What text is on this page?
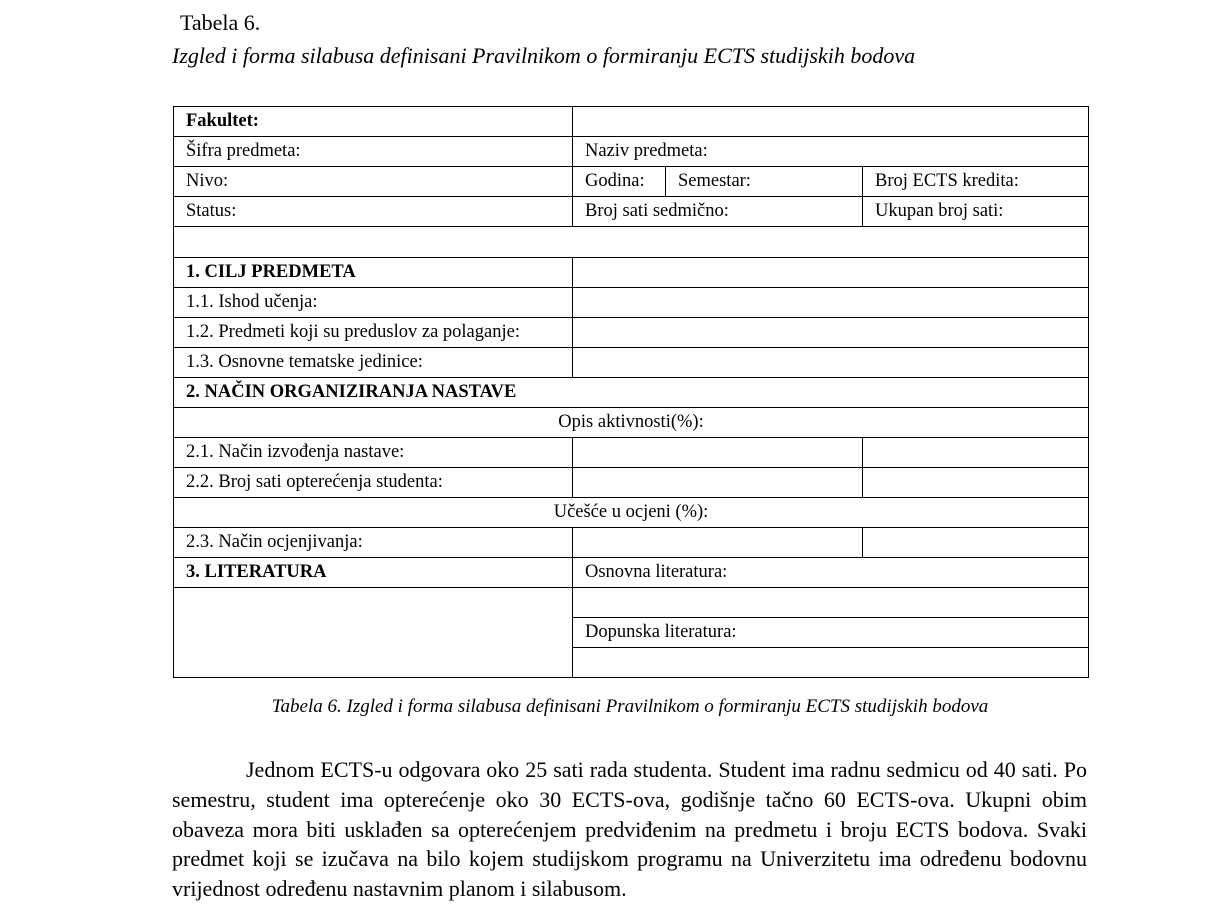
Tabela 6.
Izgled i forma silabusa definisani Pravilnikom o formiranju ECTS studijskih bodova
Fakultet:			
Šifra predmeta:	Naziv predmeta:		
Nivo:	Godina:	Semestar:	Broj ECTS kredita:
Status:	Broj sati sedmično:		Ukupan broj sati:

1. CILJ PREDMETA			
1.1. Ishod učenja:			
1.2. Predmeti koji su preduslov za polaganje:			
1.3. Osnovne tematske jedinice:			
2. NAČIN ORGANIZIRANJA NASTAVE			
Opis aktivnosti(%):			
2.1. Način izvođenja nastave:			
2.2. Broj sati opterećenja studenta:			
Učešće u ocjeni (%):			
2.3. Način ocjenjivanja:			
3. LITERATURA	Osnovna literatura:		

	Dopunska literatura:		

Tabela 6. Izgled i forma silabusa definisani Pravilnikom o formiranju ECTS studijskih bodova

Jednom ECTS-u odgovara oko 25 sati rada studenta. Student ima radnu sedmicu od 40 sati. Po semestru, student ima opterećenje oko 30 ECTS-ova, godišnje tačno 60 ECTS-ova. Ukupni obim obaveza mora biti usklađen sa opterećenjem predviđenim na predmetu i broju ECTS bodova. Svaki predmet koji se izučava na bilo kojem studijskom programu na Univerzitetu ima određenu bodovnu vrijednost određenu nastavnim planom i silabusom.
